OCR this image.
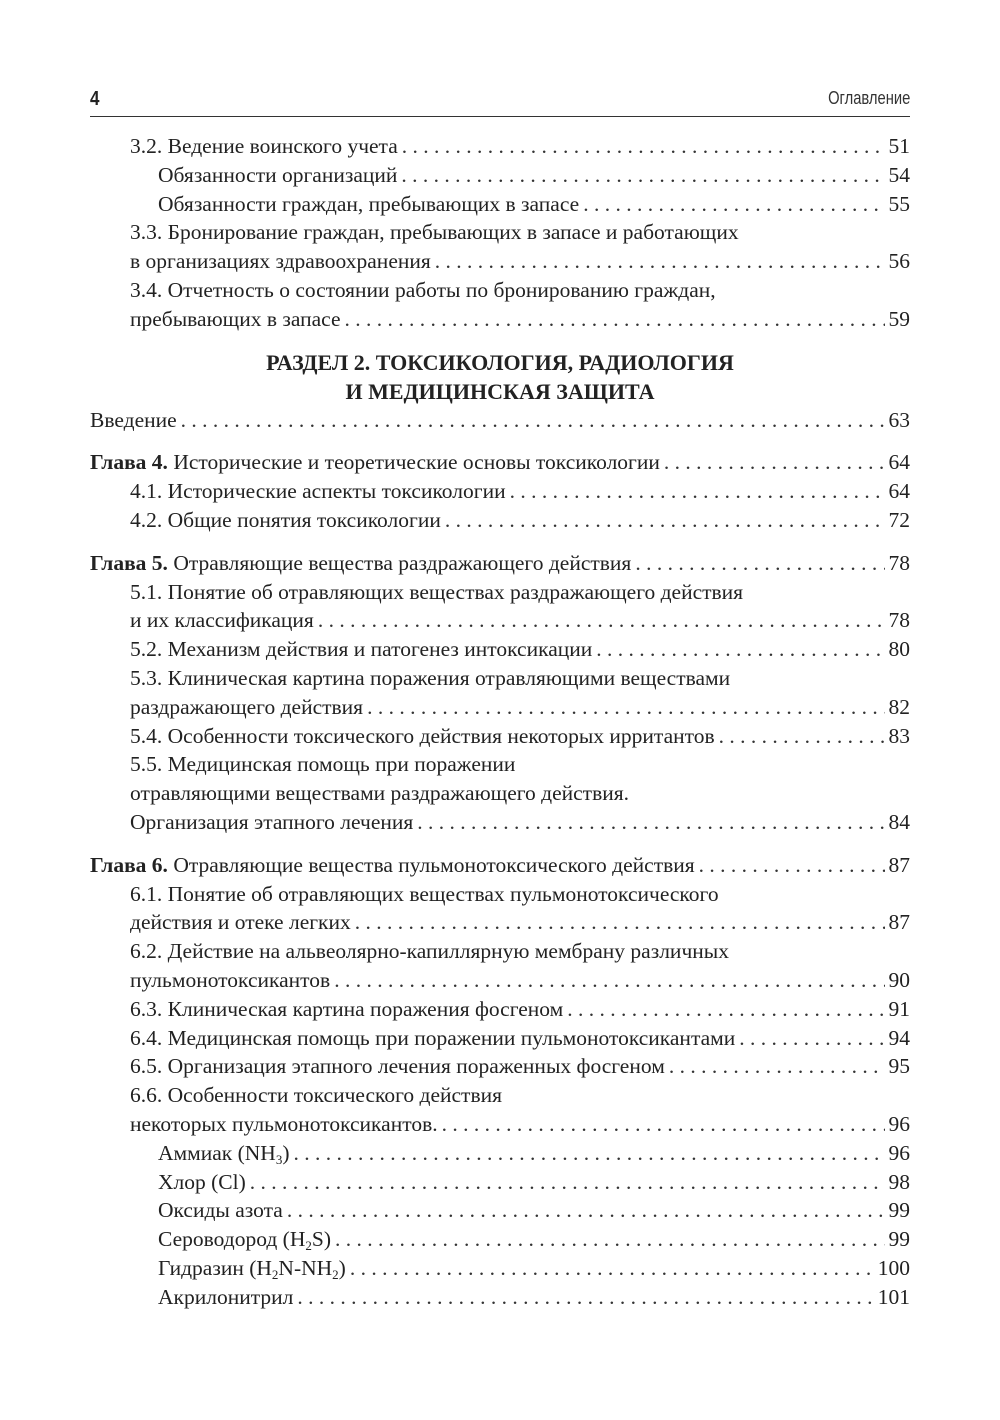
4	Оглавление
3.2. Ведение воинского учета . . .	51
Обязанности организаций . . .	54
Обязанности граждан, пребывающих в запасе . . .	55
3.3. Бронирование граждан, пребывающих в запасе и работающих
в организациях здравоохранения . . .	56
3.4. Отчетность о состоянии работы по бронированию граждан,
пребывающих в запасе . . .	59
РАЗДЕЛ 2. ТОКСИКОЛОГИЯ, РАДИОЛОГИЯ
И МЕДИЦИНСКАЯ ЗАЩИТА
Введение . . .	63
Глава 4. Исторические и теоретические основы токсикологии . . .	64
4.1. Исторические аспекты токсикологии . . .	64
4.2. Общие понятия токсикологии . . .	72
Глава 5. Отравляющие вещества раздражающего действия . . .	78
5.1. Понятие об отравляющих веществах раздражающего действия
и их классификация . . .	78
5.2. Механизм действия и патогенез интоксикации . . .	80
5.3. Клиническая картина поражения отравляющими веществами
раздражающего действия . . .	82
5.4. Особенности токсического действия некоторых ирритантов . . .	83
5.5. Медицинская помощь при поражении
отравляющими веществами раздражающего действия.
Организация этапного лечения . . .	84
Глава 6. Отравляющие вещества пульмонотоксического действия . . .	87
6.1. Понятие об отравляющих веществах пульмонотоксического
действия и отеке легких . . .	87
6.2. Действие на альвеолярно-капиллярную мембрану различных
пульмонотоксикантов . . .	90
6.3. Клиническая картина поражения фосгеном . . .	91
6.4. Медицинская помощь при поражении пульмонотоксикантами . . .	94
6.5. Организация этапного лечения пораженных фосгеном . . .	95
6.6. Особенности токсического действия
некоторых пульмонотоксикантов. . . .	96
Аммиак $(NH_3)$ . . .	96
Хлор (Cl) . . .	98
Оксиды азота . . .	99
Сероводород $(H_2S)$ . . .	99
Гидразин $(H_2N-NH_2)$ . . .	100
Акрилонитрил . . .	101
